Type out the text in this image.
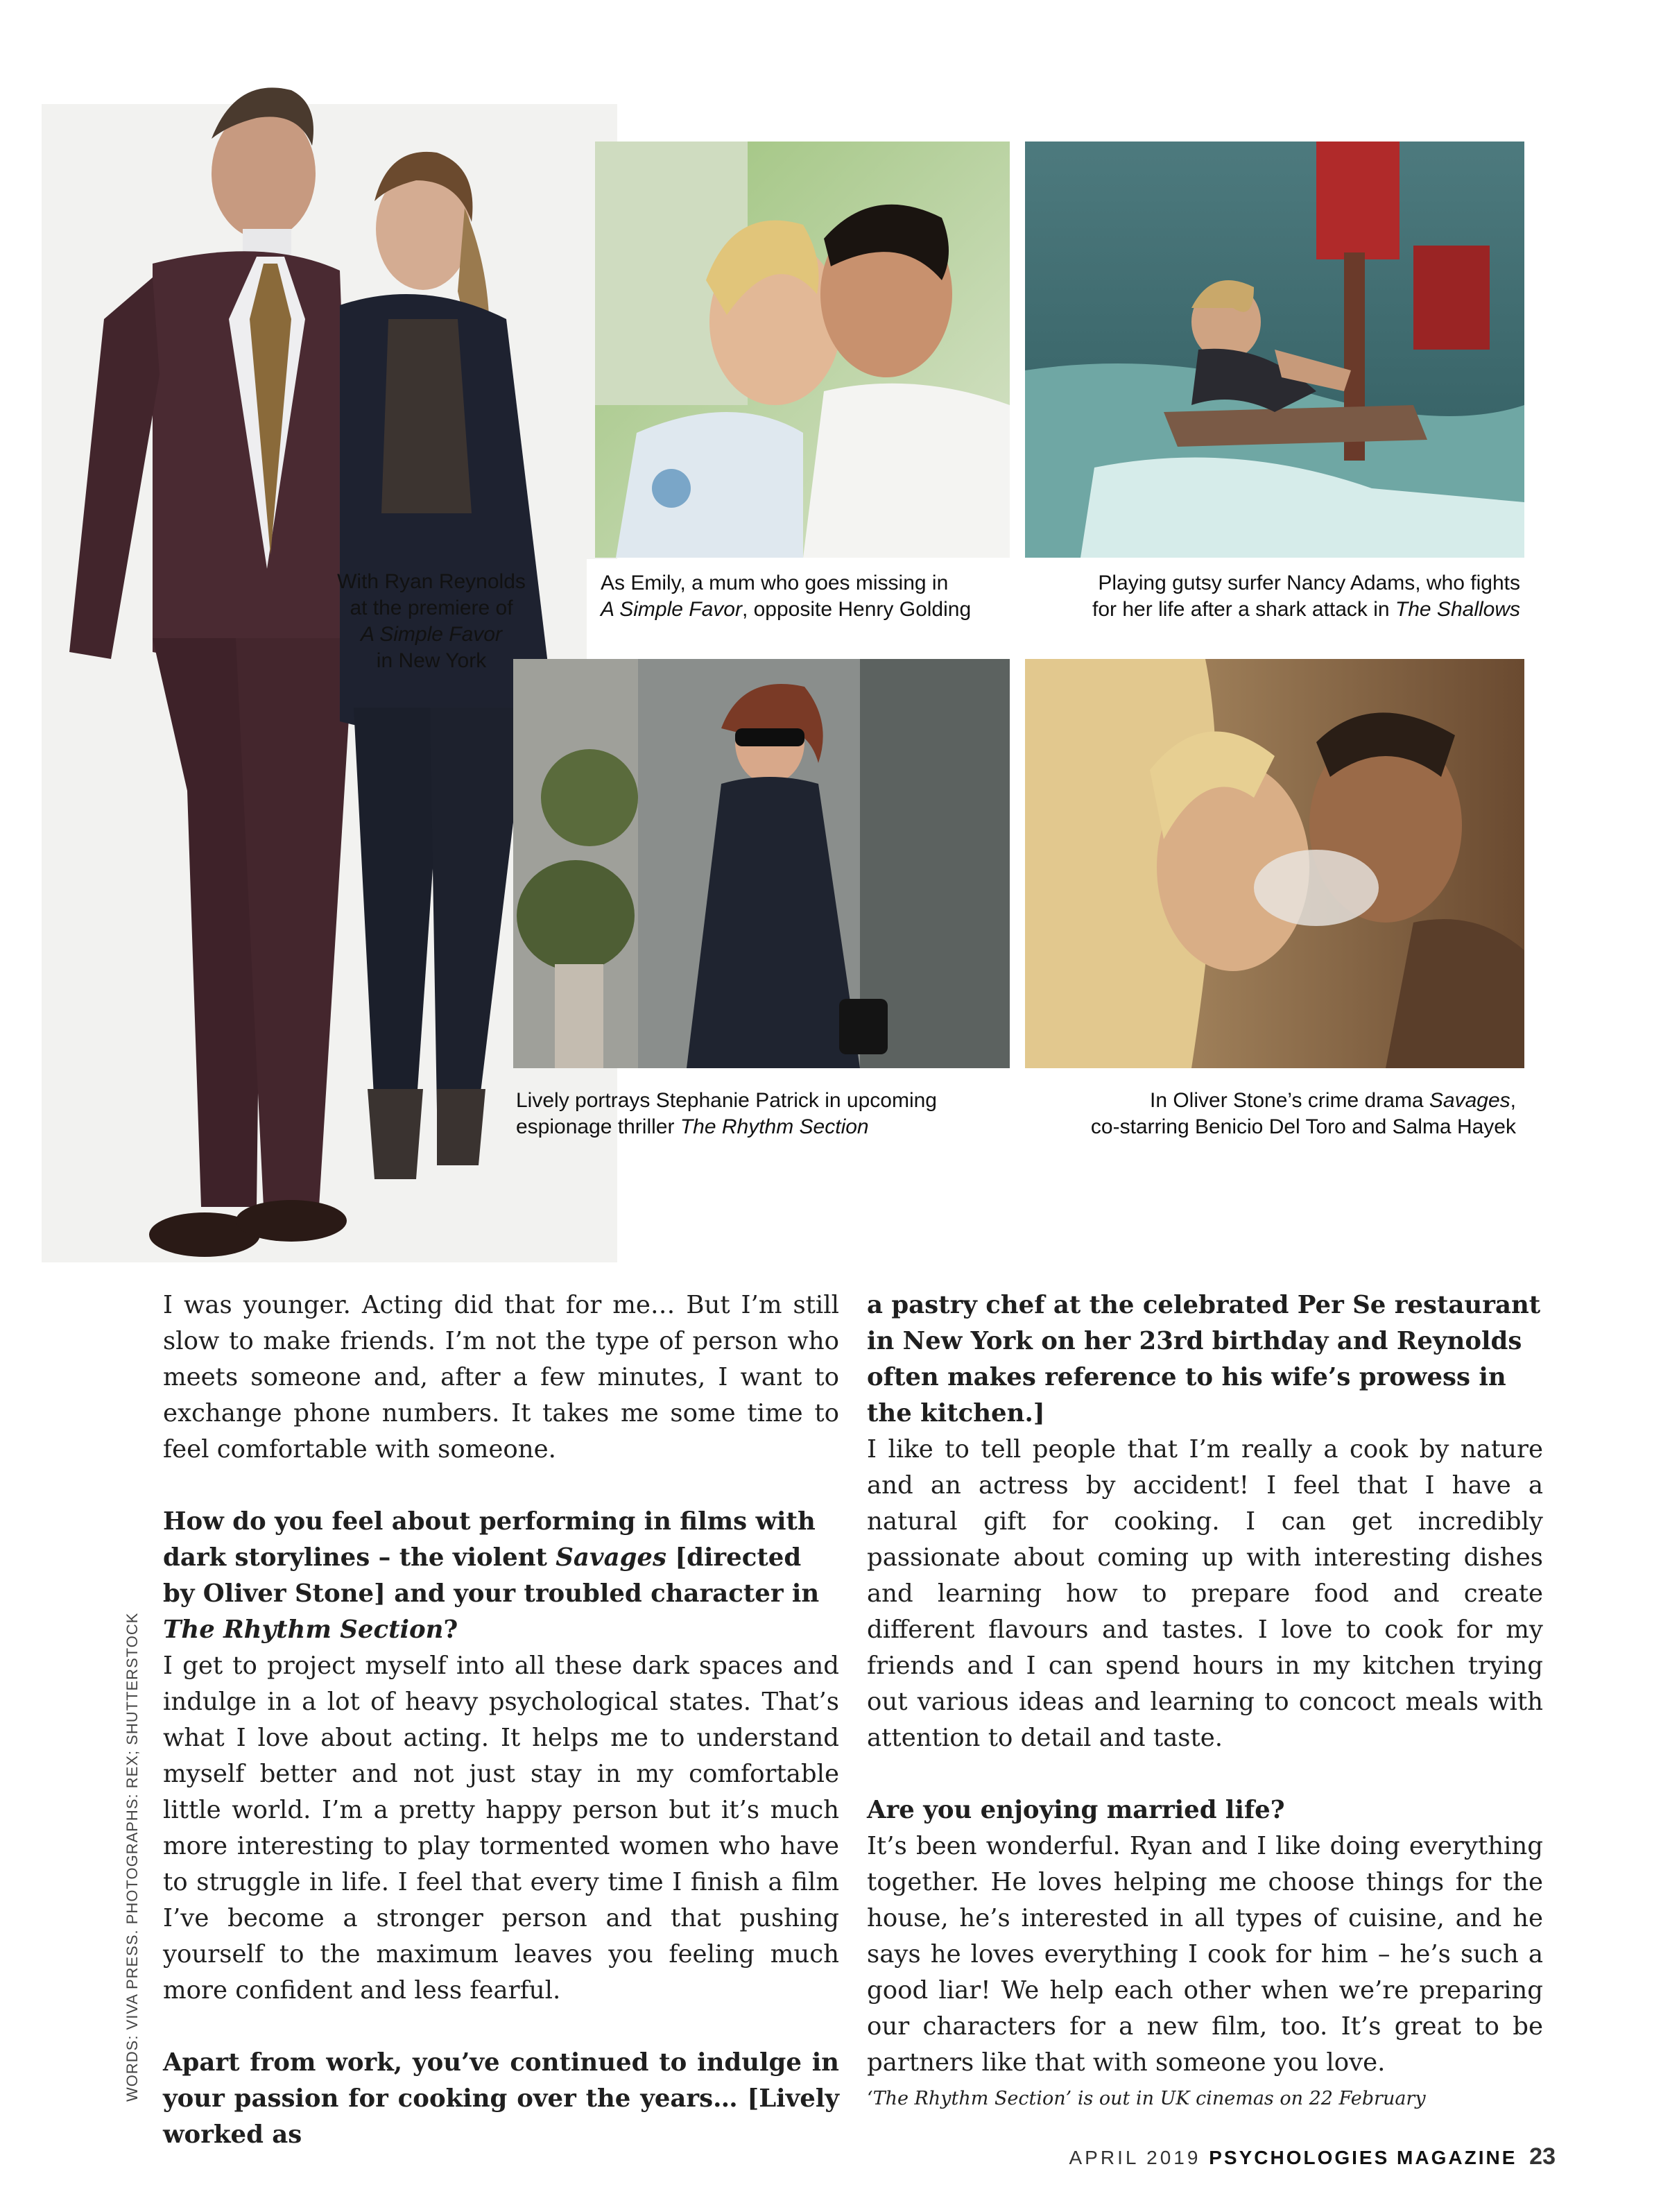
As Emily, a mum who goes missing in
A Simple Favor, opposite Henry Golding
Playing gutsy surfer Nancy Adams, who fights
for her life after a shark attack in The Shallows
With Ryan Reynolds
at the premiere of
A Simple Favor
in New York
Lively portrays Stephanie Patrick in upcoming
espionage thriller The Rhythm Section
In Oliver Stone’s crime drama Savages,
co-starring Benicio Del Toro and Salma Hayek

I was younger. Acting did that for me… But I’m still slow to make friends. I’m not the type of person who meets someone and, after a few minutes, I want to exchange phone numbers. It takes me some time to feel comfortable with someone.

How do you feel about performing in films with dark storylines – the violent Savages [directed by Oliver Stone] and your troubled character in The Rhythm Section?

I get to project myself into all these dark spaces and indulge in a lot of heavy psychological states. That’s what I love about acting. It helps me to understand myself better and not just stay in my comfortable little world. I’m a pretty happy person but it’s much more interesting to play tormented women who have to struggle in life. I feel that every time I finish a film I’ve become a stronger person and that pushing yourself to the maximum leaves you feeling much more confident and less fearful.

Apart from work, you’ve continued to indulge in your passion for cooking over the years… [Lively worked as

a pastry chef at the celebrated Per Se restaurant in New York on her 23rd birthday and Reynolds often makes reference to his wife’s prowess in the kitchen.]

I like to tell people that I’m really a cook by nature and an actress by accident! I feel that I have a natural gift for cooking. I can get incredibly passionate about coming up with interesting dishes and learning how to prepare food and create different flavours and tastes. I love to cook for my friends and I can spend hours in my kitchen trying out various ideas and learning to concoct meals with attention to detail and taste.

Are you enjoying married life?

It’s been wonderful. Ryan and I like doing everything together. He loves helping me choose things for the house, he’s interested in all types of cuisine, and he says he loves everything I cook for him – he’s such a good liar! We help each other when we’re preparing our characters for a new film, too. It’s great to be partners like that with someone you love.

‘The Rhythm Section’ is out in UK cinemas on 22 February

WORDS: VIVA PRESS. PHOTOGRAPHS: REX; SHUTTERSTOCK
APRIL 2019 PSYCHOLOGIES MAGAZINE 23
